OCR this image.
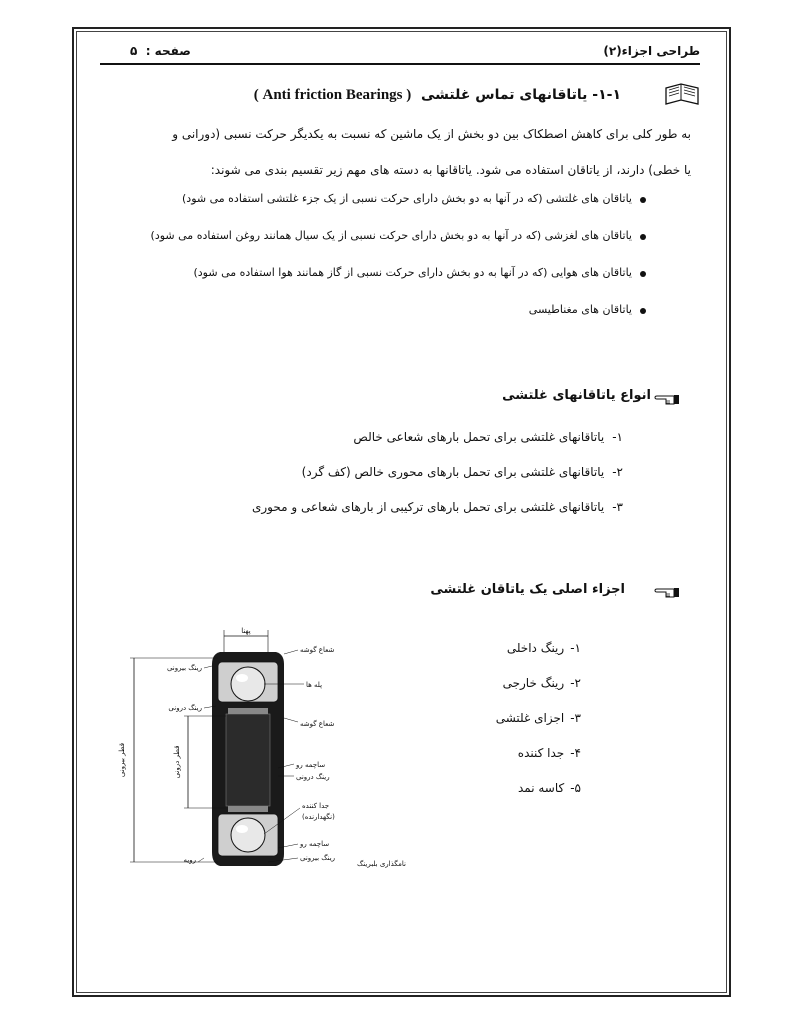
طراحی اجزاء(۲)
صفحه :  ۵
۱-۱- یاتاقانهای تماس غلتشی  ( Anti friction Bearings )
به طور کلی برای کاهش اصطکاک بین دو بخش از یک ماشین که نسبت به یکدیگر حرکت نسبی (دورانی و
یا خطی) دارند، از یاتاقان استفاده می شود. یاتاقانها به دسته های مهم زیر تقسیم بندی می شوند:
یاتاقان های غلتشی (که در آنها به دو بخش دارای حرکت نسبی از یک جزء غلتشی استفاده می شود)
یاتاقان های لغزشی (که در آنها به دو بخش دارای حرکت نسبی از یک سیال همانند روغن استفاده می شود)
یاتاقان های هوایی (که در آنها به دو بخش دارای حرکت نسبی از گاز همانند هوا استفاده می شود)
یاتاقان های مغناطیسی
انواع یاتاقانهای غلتشی
۱-یاتاقانهای غلتشی برای تحمل بارهای شعاعی خالص
۲-یاتاقانهای غلتشی برای تحمل بارهای محوری خالص (کف گرد)
۳-یاتاقانهای غلتشی برای تحمل بارهای ترکیبی از بارهای شعاعی و محوری
اجزاء اصلی یک یاتاقان غلتشی
۱-رینگ داخلی
۲-رینگ خارجی
۳-اجزای غلتشی
۴-جدا کننده
۵-کاسه نمد
پهنا
قطر بیرونی	قطر درونی
شعاع گوشه
رینگ بیرونی
پله ها
رینگ درونی
شعاع گوشه
ساچمه رو
رینگ درونی
جدا کننده
(نگهدارنده)
ساچمه رو
رینگ بیرونی
رویه	نامگذاری بلبرینگ
